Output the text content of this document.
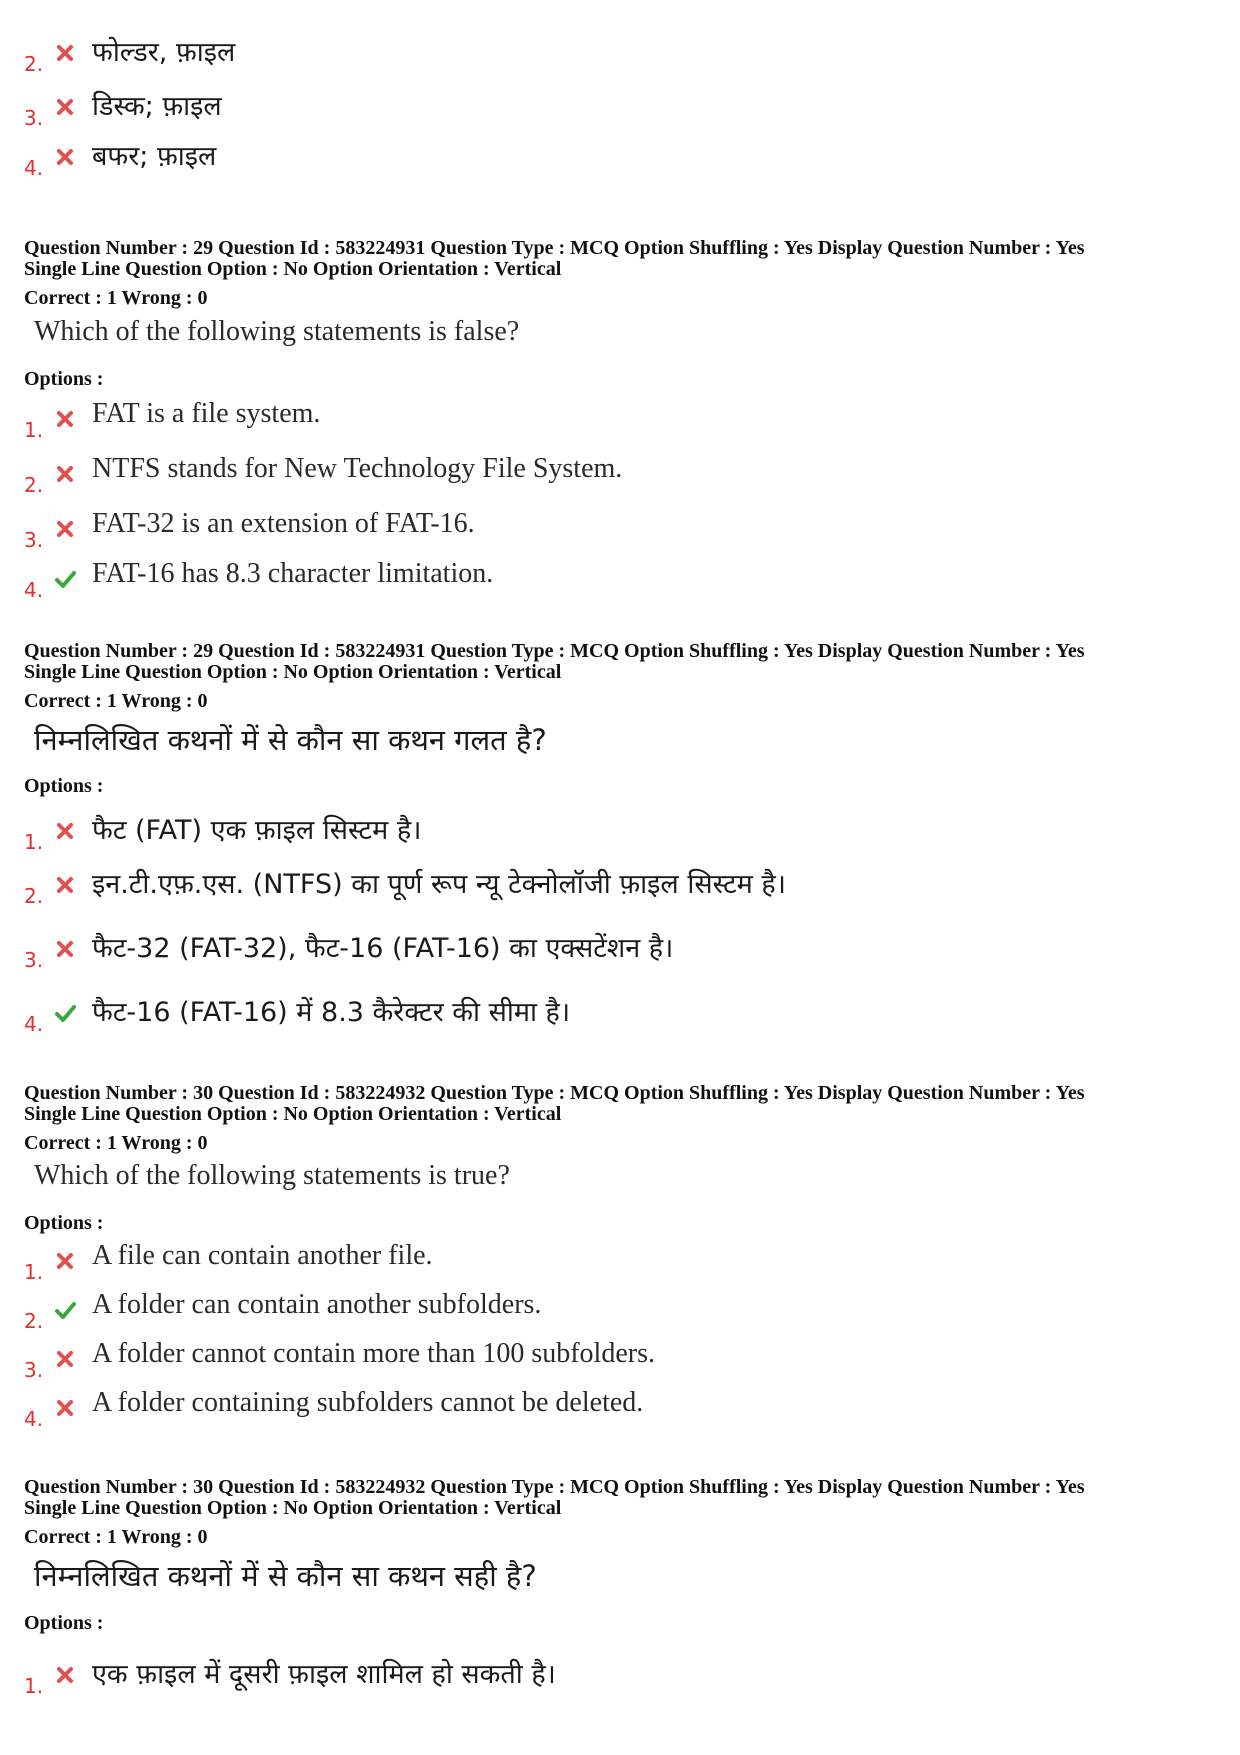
2. फोल्डर, फ़ाइल
3. डिस्क; फ़ाइल
4. बफर; फ़ाइल
Question Number : 29 Question Id : 583224931 Question Type : MCQ Option Shuffling : Yes Display Question Number : Yes
Single Line Question Option : No Option Orientation : Vertical
Correct : 1 Wrong : 0
Which of the following statements is false?
Options :
1.
FAT is a file system.
2.
NTFS stands for New Technology File System.
3.
FAT-32 is an extension of FAT-16.
4.
FAT-16 has 8.3 character limitation.
Question Number : 29 Question Id : 583224931 Question Type : MCQ Option Shuffling : Yes Display Question Number : Yes
Single Line Question Option : No Option Orientation : Vertical
Correct : 1 Wrong : 0
निम्नलिखित कथनों में से कौन सा कथन गलत है?
Options :
1. फैट (FAT) एक फ़ाइल सिस्टम है।
2. इन.टी.एफ़.एस. (NTFS) का पूर्ण रूप न्यू टेक्नोलॉजी फ़ाइल सिस्टम है।
3. फैट-32 (FAT-32), फैट-16 (FAT-16) का एक्सटेंशन है।
4. फैट-16 (FAT-16) में 8.3 कैरेक्टर की सीमा है।
Question Number : 30 Question Id : 583224932 Question Type : MCQ Option Shuffling : Yes Display Question Number : Yes
Single Line Question Option : No Option Orientation : Vertical
Correct : 1 Wrong : 0
Which of the following statements is true?
Options :
1.
A file can contain another file.
2.
A folder can contain another subfolders.
3.
A folder cannot contain more than 100 subfolders.
4.
A folder containing subfolders cannot be deleted.
Question Number : 30 Question Id : 583224932 Question Type : MCQ Option Shuffling : Yes Display Question Number : Yes
Single Line Question Option : No Option Orientation : Vertical
Correct : 1 Wrong : 0
निम्नलिखित कथनों में से कौन सा कथन सही है?
Options :
1. एक फ़ाइल में दूसरी फ़ाइल शामिल हो सकती है।
